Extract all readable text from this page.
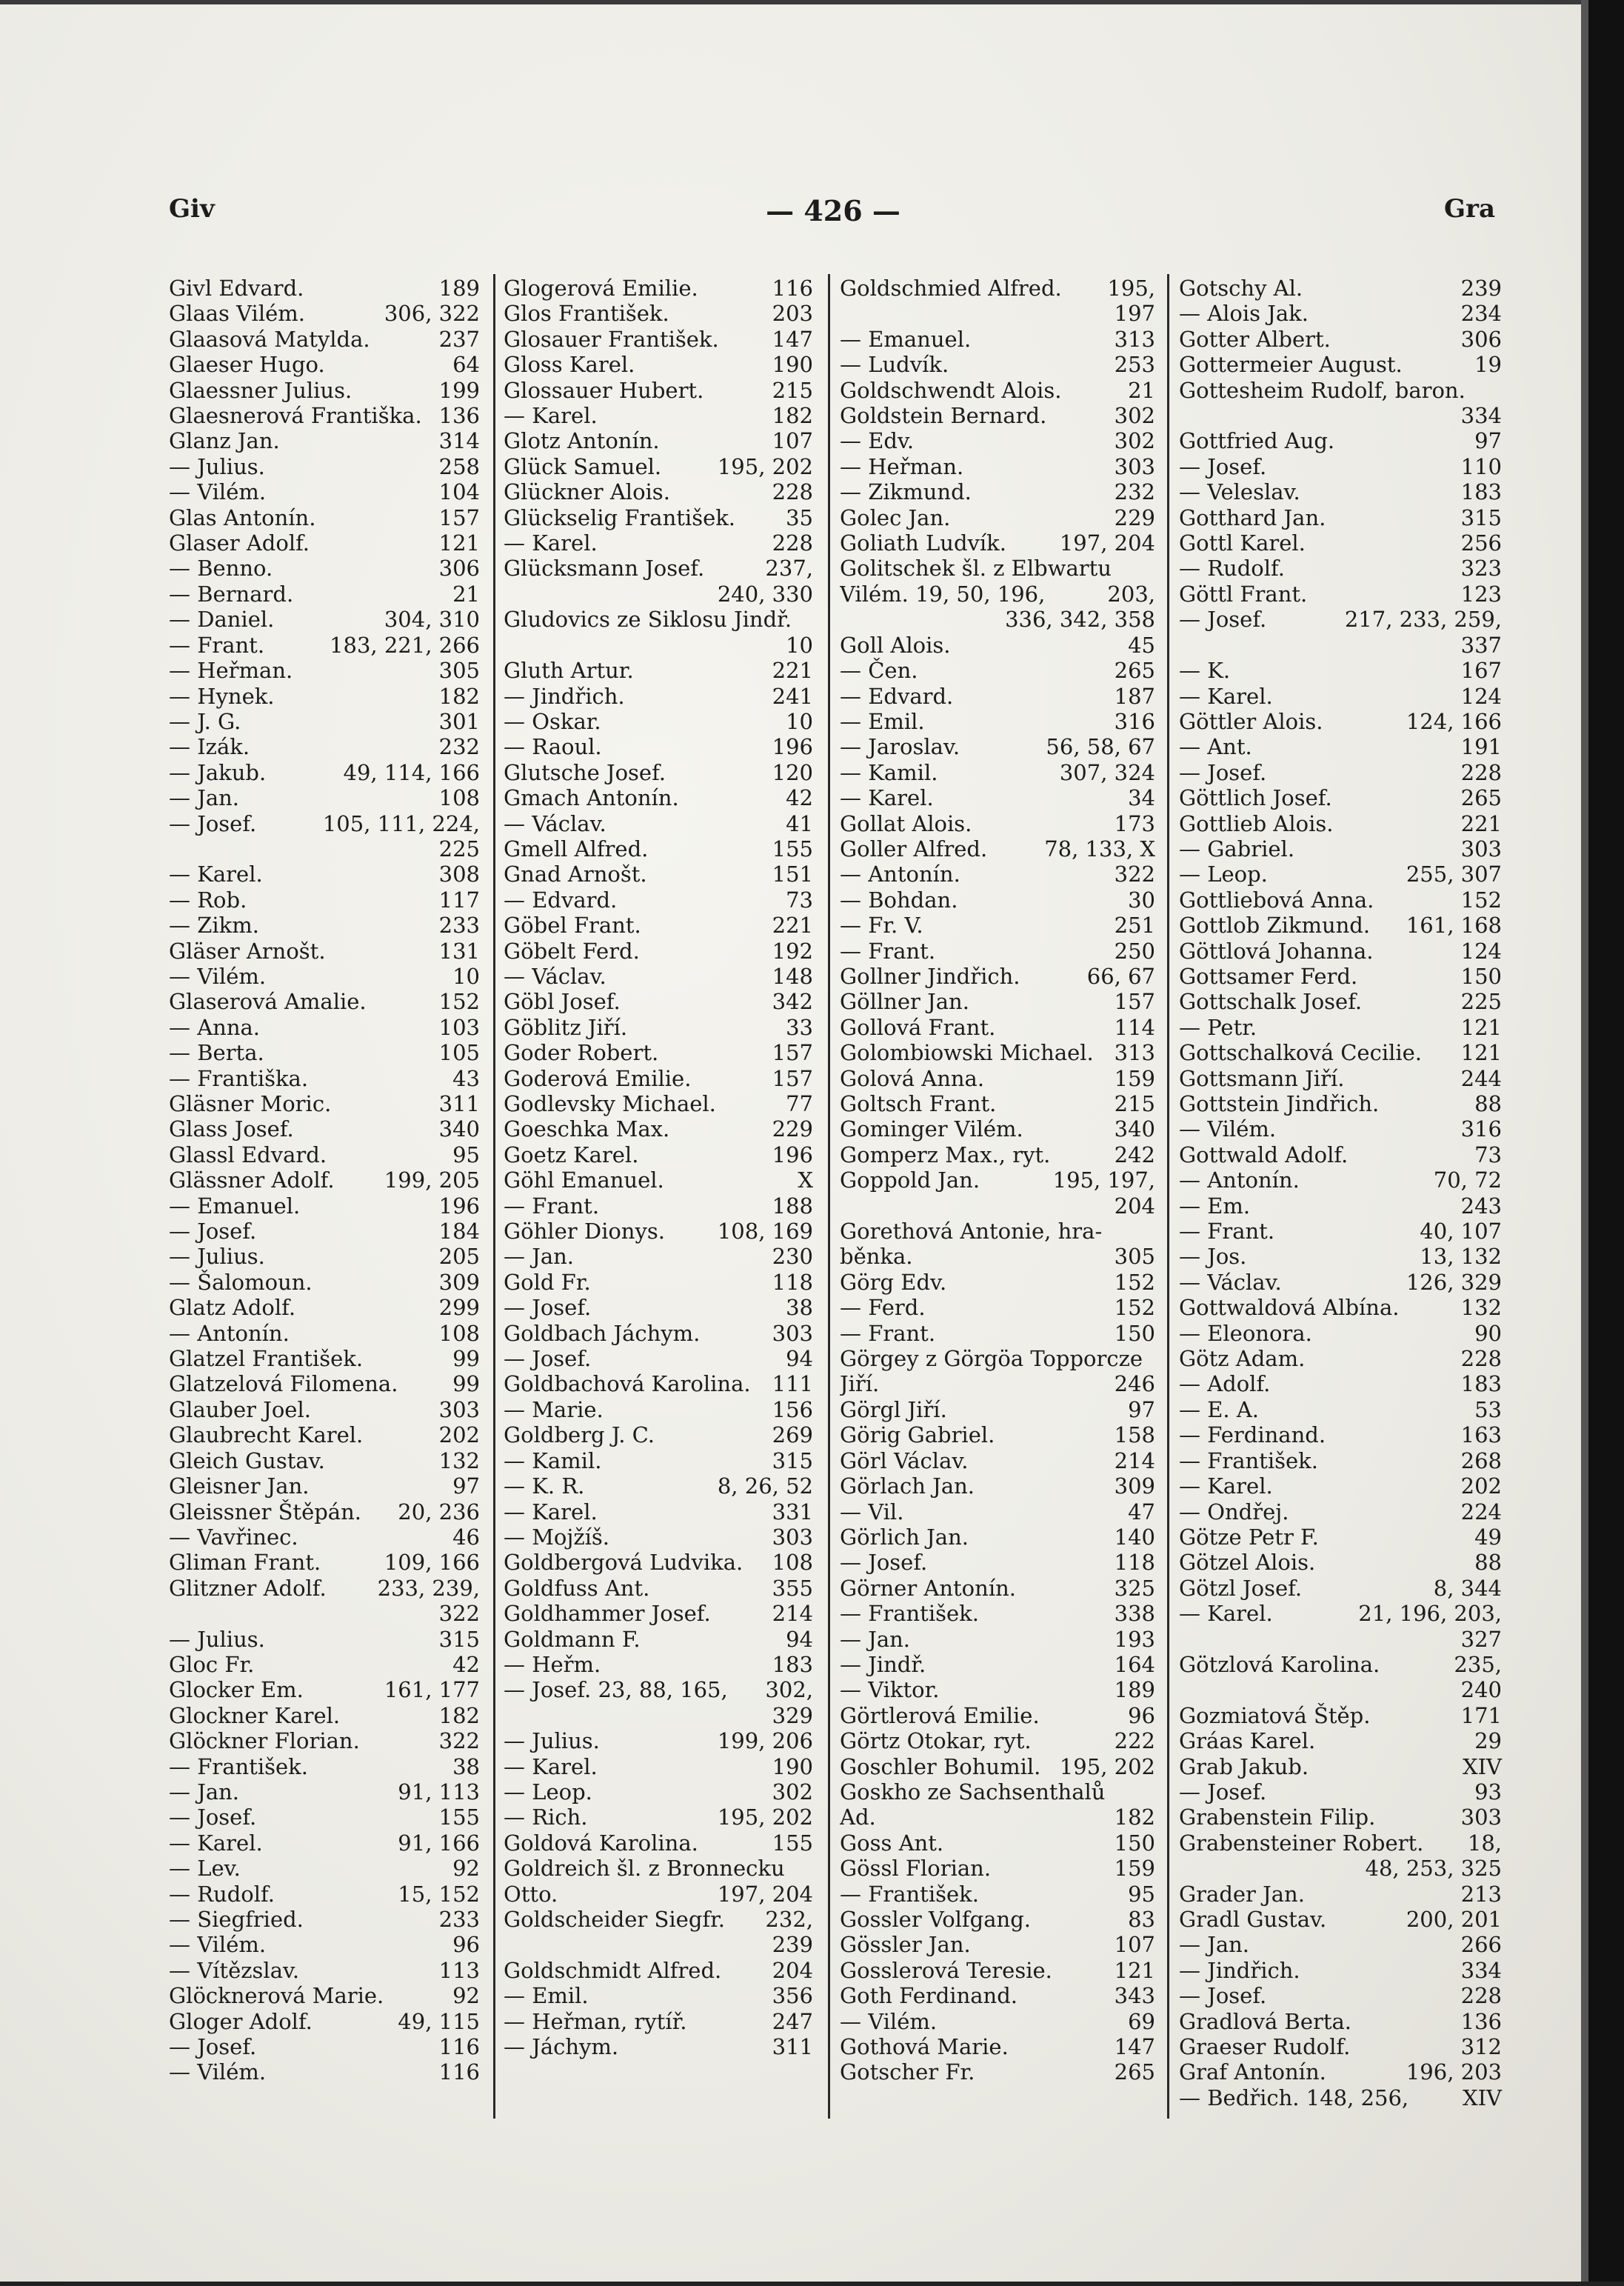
Giv	— 426 —	Gra
Givl Edvard.	189
Glaas Vilém.	306, 322
Glaasová Matylda.	237
Glaeser Hugo.	64
Glaessner Julius.	199
Glaesnerová Františka. 136
Glanz Jan.	314
— Julius.	258
— Vilém.	104
Glas Antonín.	157
Glaser Adolf.	121
— Benno.	306
— Bernard.	21
— Daniel.	304, 310
— Frant.	183, 221, 266
— Heřman.	305
— Hynek.	182
— J. G.	301
— Izák.	232
— Jakub.	49, 114, 166
— Jan.	108
— Josef.	105, 111, 224,
225
— Karel.	308
— Rob.	117
— Zikm.	233
Gläser Arnošt.	131
— Vilém.	10
Glaserová Amalie.	152
— Anna.	103
— Berta.	105
— Františka.	43
Gläsner Moric.	311
Glass Josef.	340
Glassl Edvard.	95
Glässner Adolf. 199, 205
— Emanuel.	196
— Josef.	184
— Julius.	205
— Šalomoun.	309
Glatz Adolf.	299
— Antonín.	108
Glatzel František.	99
Glatzelová Filomena.	99
Glauber Joel.	303
Glaubrecht Karel.	202
Gleich Gustav.	132
Gleisner Jan.	97
Gleissner Štěpán. 20, 236
— Vavřinec.	46
Gliman Frant.	109, 166
Glitzner Adolf. 233, 239,
322
— Julius.	315
Gloc Fr.	42
Glocker Em.	161, 177
Glockner Karel.	182
Glöckner Florian.	322
— František.	38
— Jan.	91, 113
— Josef.	155
— Karel.	91, 166
— Lev.	92
— Rudolf.	15, 152
— Siegfried.	233
— Vilém.	96
— Vítězslav.	113
Glöcknerová Marie.	92
Gloger Adolf.	49, 115
— Josef.	116
— Vilém.	116
Glogerová Emilie.	116
Glos František.	203
Glosauer František. 147
Gloss Karel.	190
Glossauer Hubert.	215
— Karel.	182
Glotz Antonín.	107
Glück Samuel.	195, 202
Glückner Alois.	228
Glückselig František. 35
— Karel.	228
Glücksmann Josef.	237,
240, 330
Gludovics ze Siklosu Jindř.
10
Gluth Artur.	221
— Jindřich.	241
— Oskar.	10
— Raoul.	196
Glutsche Josef.	120
Gmach Antonín.	42
— Václav.	41
Gmell Alfred.	155
Gnad Arnošt.	151
— Edvard.	73
Göbel Frant.	221
Göbelt Ferd.	192
— Václav.	148
Göbl Josef.	342
Göblitz Jiří.	33
Goder Robert.	157
Goderová Emilie.	157
Godlevsky Michael.	77
Goeschka Max.	229
Goetz Karel.	196
Göhl Emanuel.	X
— Frant.	188
Göhler Dionys. 108, 169
— Jan.	230
Gold Fr.	118
— Josef.	38
Goldbach Jáchym.	303
— Josef.	94
Goldbachová Karolina. 111
— Marie.	156
Goldberg J. C.	269
— Kamil.	315
— K. R.	8, 26, 52
— Karel.	331
— Mojžíš.	303
Goldbergová Ludvika. 108
Goldfuss Ant.	355
Goldhammer Josef.	214
Goldmann F.	94
— Heřm.	183
— Josef. 23, 88, 165, 302,
329
— Julius.	199, 206
— Karel.	190
— Leop.	302
— Rich.	195, 202
Goldová Karolina.	155
Goldreich šl. z Bronnecku
Otto.	197, 204
Goldscheider Siegfr. 232,
239
Goldschmidt Alfred. 204
— Emil.	356
— Heřman, rytíř.	247
— Jáchym.	311
Goldschmied Alfred. 195,
197
— Emanuel.	313
— Ludvík.	253
Goldschwendt Alois.	21
Goldstein Bernard.	302
— Edv.	302
— Heřman.	303
— Zikmund.	232
Golec Jan.	229
Goliath Ludvík. 197, 204
Golitschek šl. z Elbwartu
Vilém. 19, 50, 196,	203,
336, 342, 358
Goll Alois.	45
— Čen.	265
— Edvard.	187
— Emil.	316
— Jaroslav.	56, 58, 67
— Kamil.	307, 324
— Karel.	34
Gollat Alois.	173
Goller Alfred.	78, 133, X
— Antonín.	322
— Bohdan.	30
— Fr. V.	251
— Frant.	250
Gollner Jindřich.	66, 67
Göllner Jan.	157
Gollová Frant.	114
Golombiowski Michael. 313
Golová Anna.	159
Goltsch Frant.	215
Gominger Vilém.	340
Gomperz Max., ryt.	242
Goppold Jan.	195, 197,
204
Gorethová Antonie, hra-
běnka.	305
Görg Edv.	152
— Ferd.	152
— Frant.	150
Görgey z Görgöa Topporcze
Jiří.	246
Görgl Jiří.	97
Görig Gabriel.	158
Görl Václav.	214
Görlach Jan.	309
— Vil.	47
Görlich Jan.	140
— Josef.	118
Görner Antonín.	325
— František.	338
— Jan.	193
— Jindř.	164
— Viktor.	189
Görtlerová Emilie.	96
Görtz Otokar, ryt.	222
Goschler Bohumil. 195, 202
Goskho ze Sachsenthalů
Ad.	182
Goss Ant.	150
Gössl Florian.	159
— František.	95
Gossler Volfgang.	83
Gössler Jan.	107
Gosslerová Teresie.	121
Goth Ferdinand.	343
— Vilém.	69
Gothová Marie.	147
Gotscher Fr.	265
Gotschy Al.	239
— Alois Jak.	234
Gotter Albert.	306
Gottermeier August.	19
Gottesheim Rudolf, baron.
334
Gottfried Aug.	97
— Josef.	110
— Veleslav.	183
Gotthard Jan.	315
Gottl Karel.	256
— Rudolf.	323
Göttl Frant.	123
— Josef.	217, 233, 259,
337
— K.	167
— Karel.	124
Göttler Alois.	124, 166
— Ant.	191
— Josef.	228
Göttlich Josef.	265
Gottlieb Alois.	221
— Gabriel.	303
— Leop.	255, 307
Gottliebová Anna.	152
Gottlob Zikmund. 161, 168
Göttlová Johanna.	124
Gottsamer Ferd.	150
Gottschalk Josef.	225
— Petr.	121
Gottschalková Cecilie. 121
Gottsmann Jiří.	244
Gottstein Jindřich.	88
— Vilém.	316
Gottwald Adolf.	73
— Antonín.	70, 72
— Em.	243
— Frant.	40, 107
— Jos.	13, 132
— Václav.	126, 329
Gottwaldová Albína.	132
— Eleonora.	90
Götz Adam.	228
— Adolf.	183
— E. A.	53
— Ferdinand.	163
— František.	268
— Karel.	202
— Ondřej.	224
Götze Petr F.	49
Götzel Alois.	88
Götzl Josef.	8, 344
— Karel.	21, 196, 203,
327
Götzlová Karolina.	235,
240
Gozmiatová Štěp.	171
Gráas Karel.	29
Grab Jakub.	XIV
— Josef.	93
Grabenstein Filip.	303
Grabensteiner Robert. 18,
48, 253, 325
Grader Jan.	213
Gradl Gustav.	200, 201
— Jan.	266
— Jindřich.	334
— Josef.	228
Gradlová Berta.	136
Graeser Rudolf.	312
Graf Antonín.	196, 203
— Bedřich. 148, 256,	XIV
